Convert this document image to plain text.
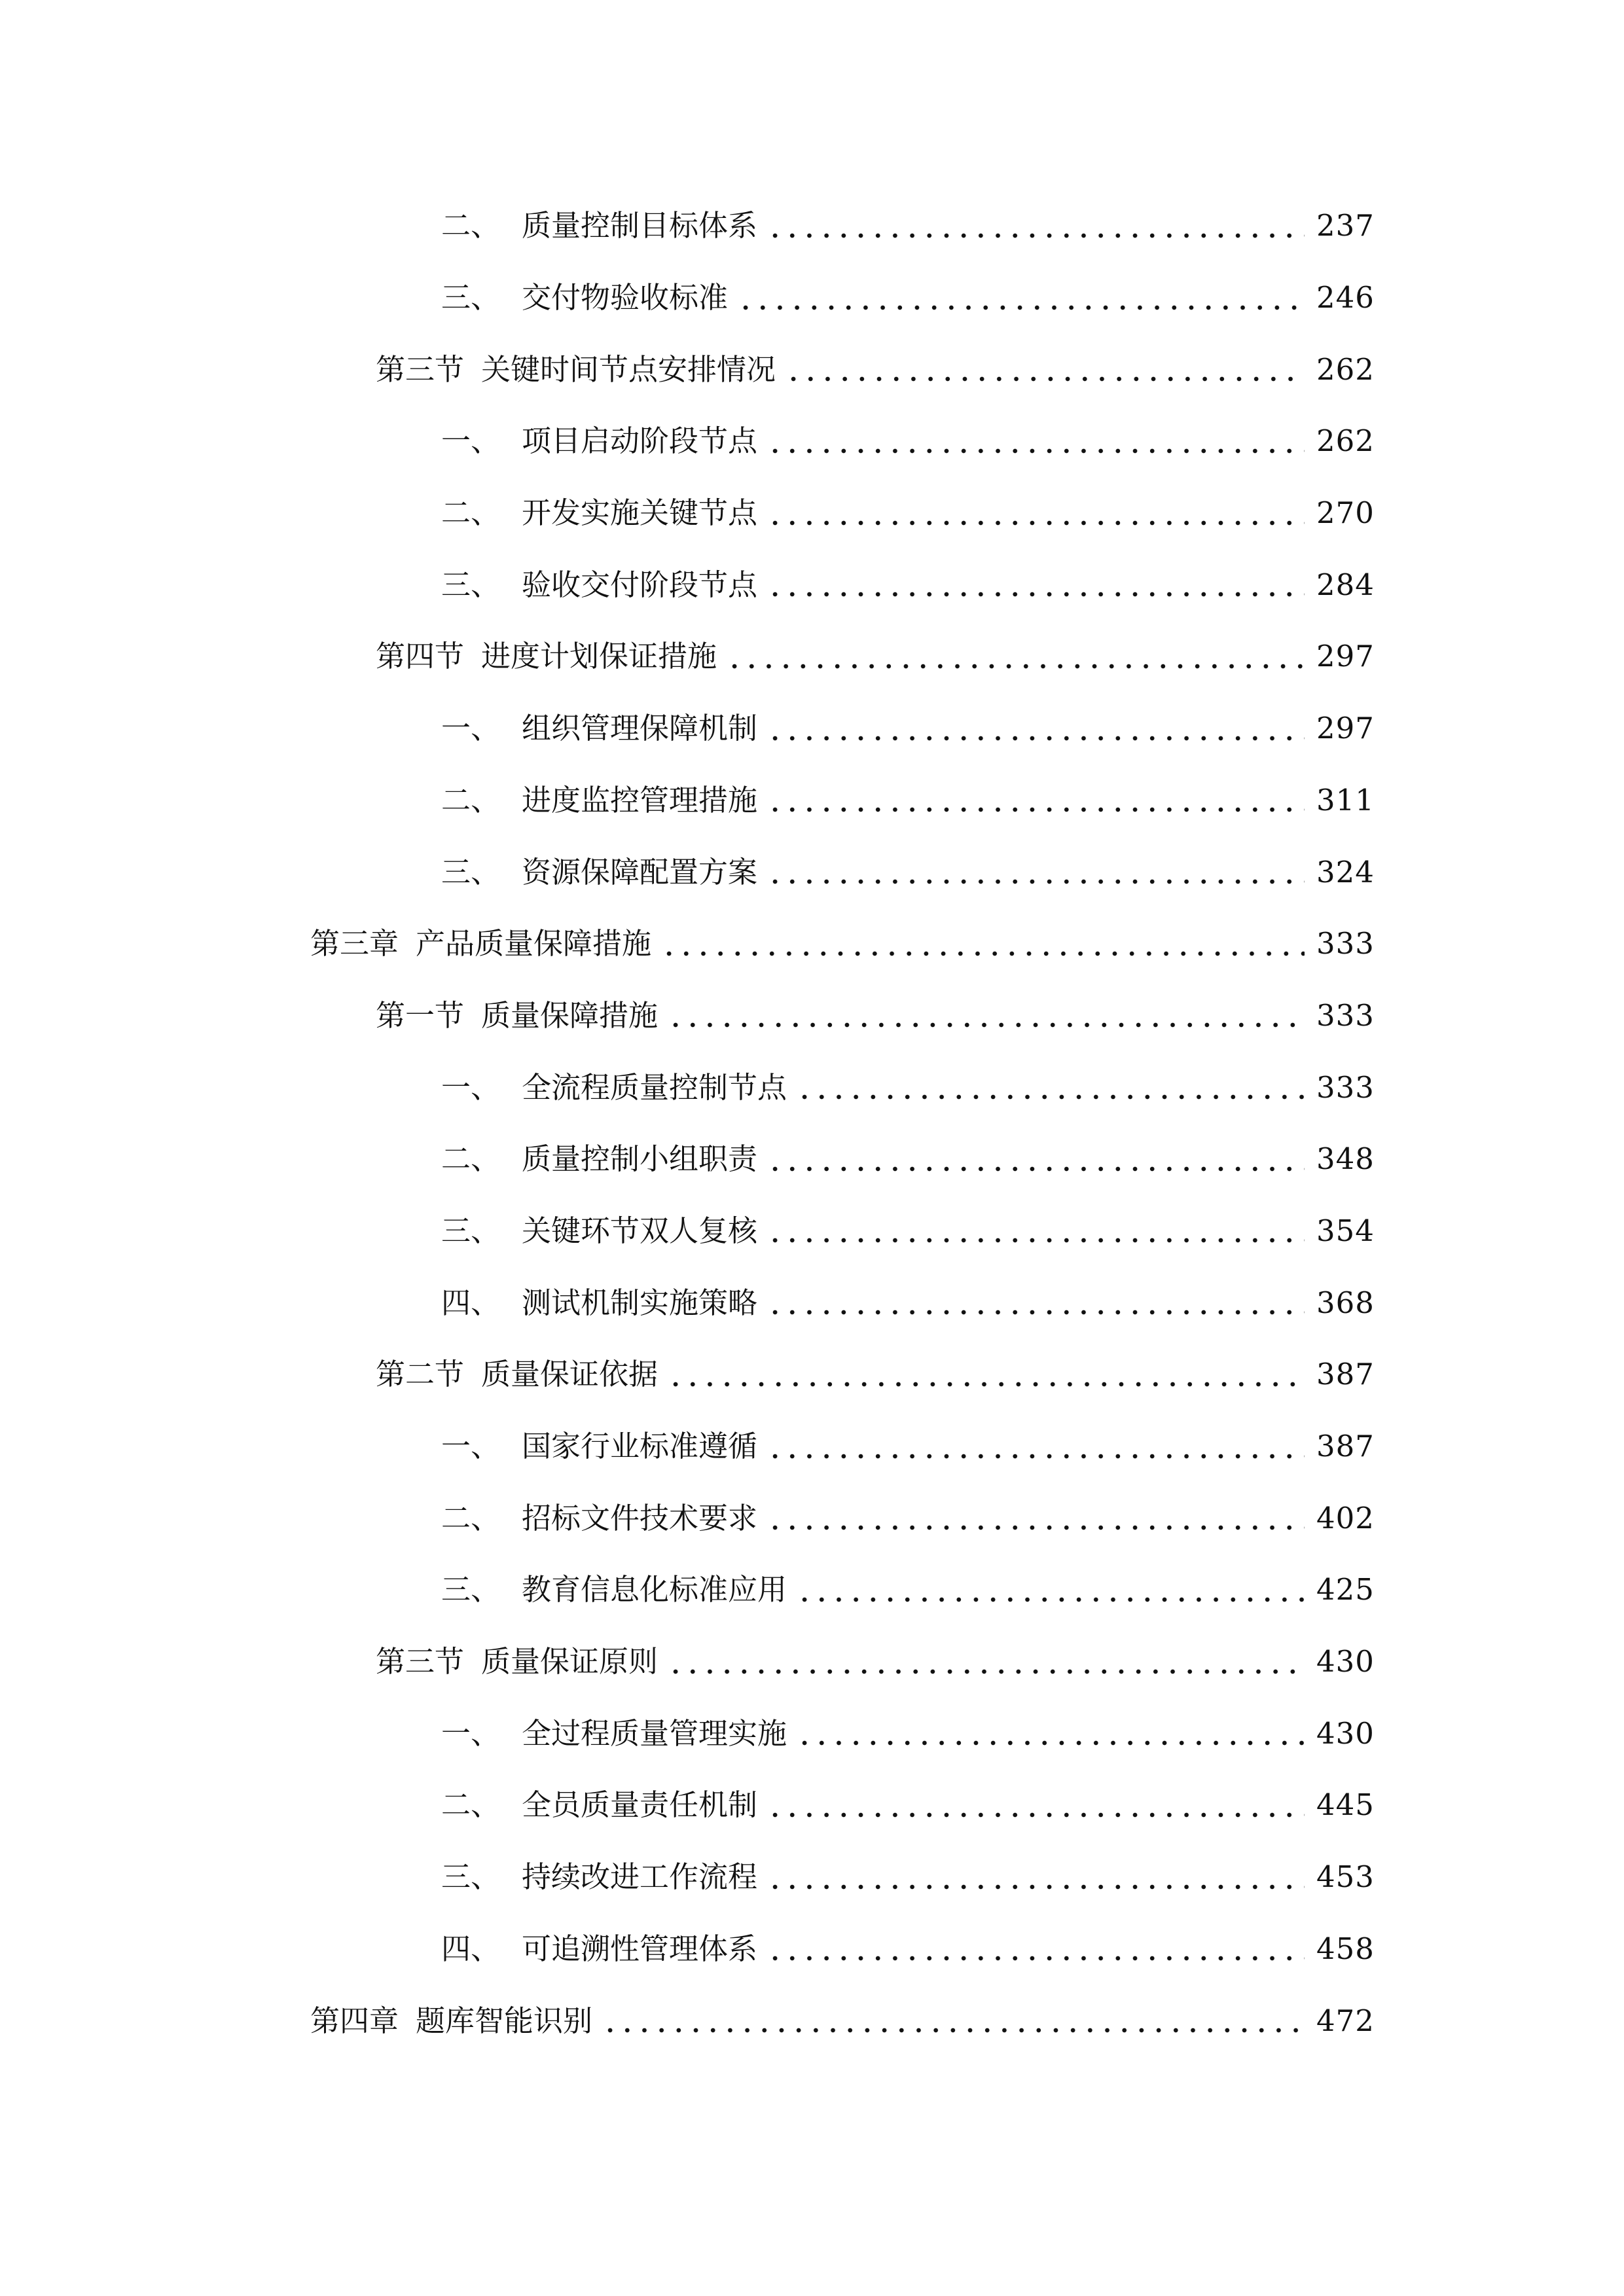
二、 质量控制目标体系	237
三、 交付物验收标准	246
第三节 关键时间节点安排情况	262
一、 项目启动阶段节点	262
二、 开发实施关键节点	270
三、 验收交付阶段节点	284
第四节 进度计划保证措施	297
一、 组织管理保障机制	297
二、 进度监控管理措施	311
三、 资源保障配置方案	324
第三章 产品质量保障措施	333
第一节 质量保障措施	333
一、 全流程质量控制节点	333
二、 质量控制小组职责	348
三、 关键环节双人复核	354
四、 测试机制实施策略	368
第二节 质量保证依据	387
一、 国家行业标准遵循	387
二、 招标文件技术要求	402
三、 教育信息化标准应用	425
第三节 质量保证原则	430
一、 全过程质量管理实施	430
二、 全员质量责任机制	445
三、 持续改进工作流程	453
四、 可追溯性管理体系	458
第四章 题库智能识别	472
